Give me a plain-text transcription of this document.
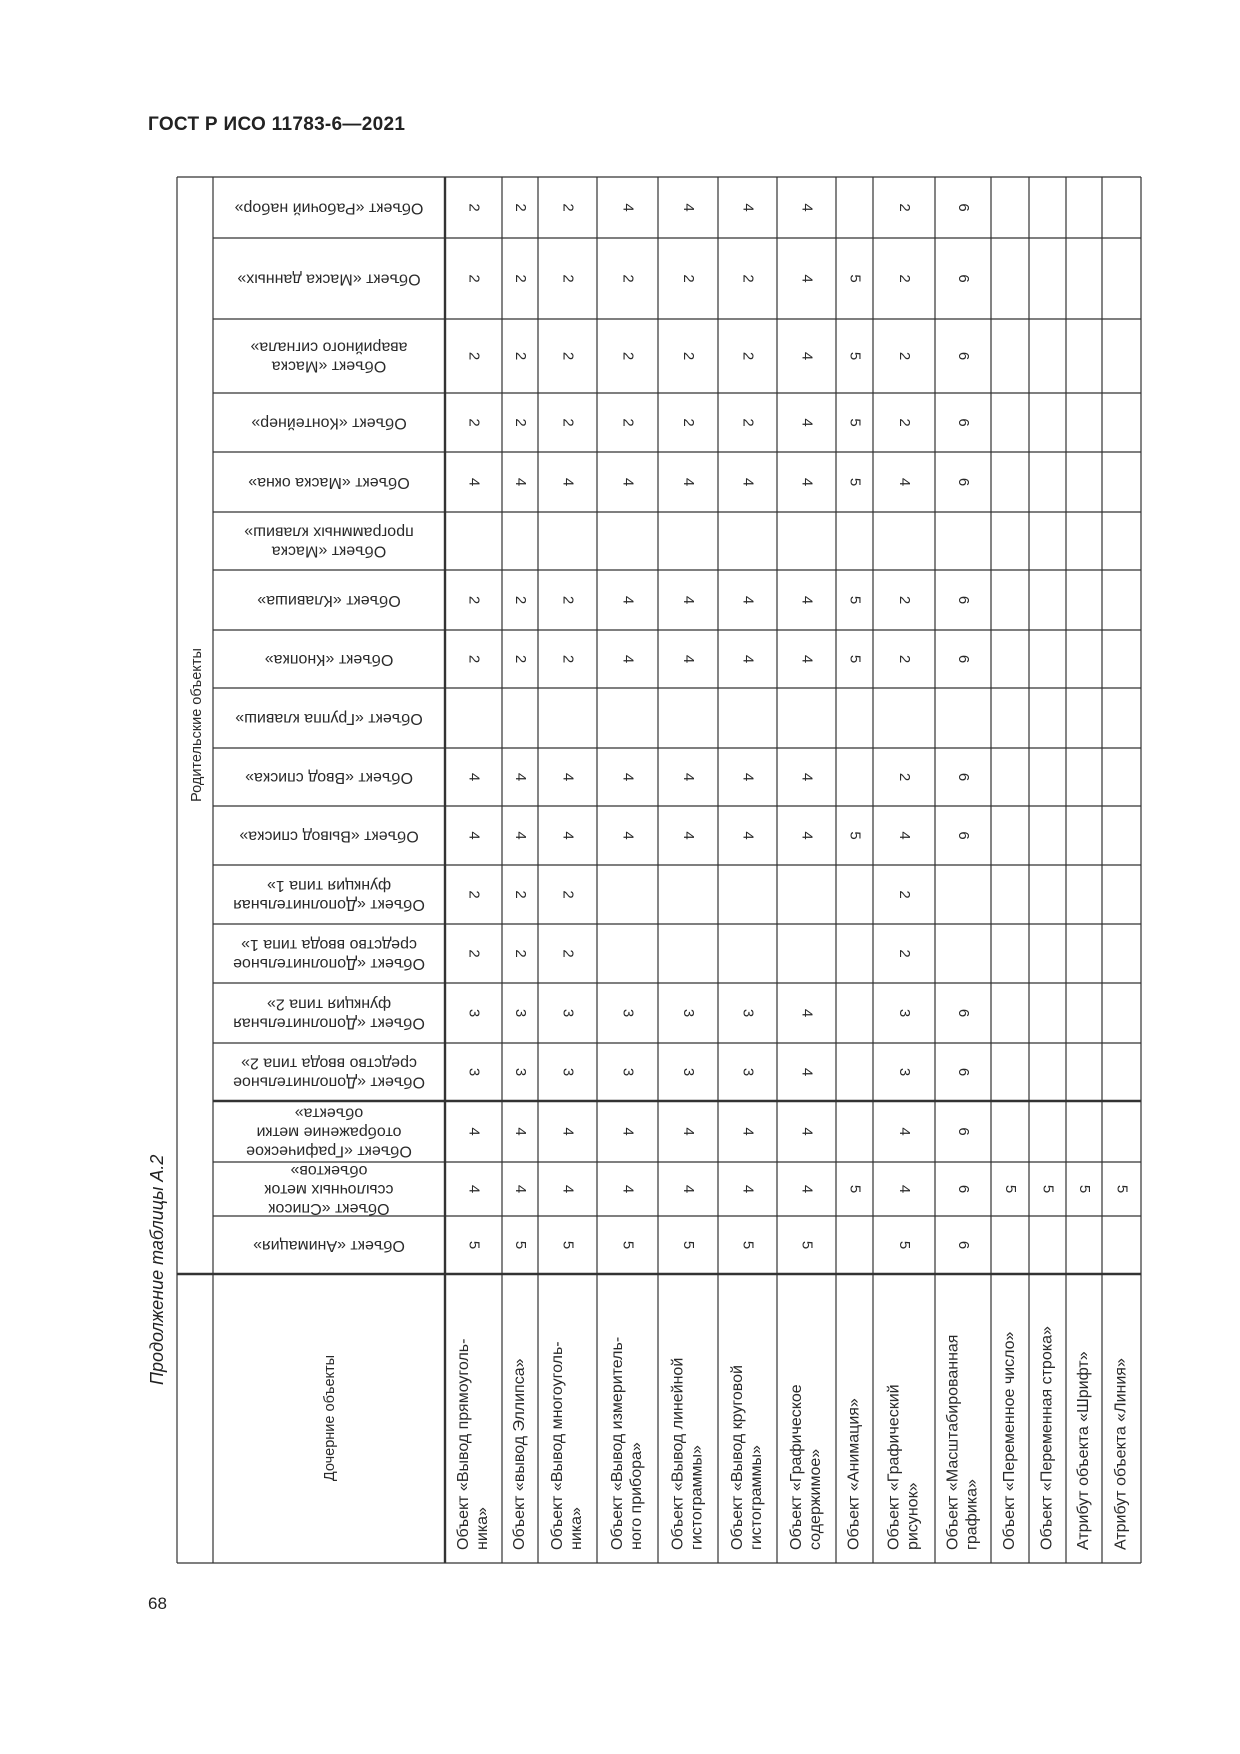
ГОСТ Р ИСО 11783-6—2021
68
Продолжение таблицы А.2
Родительские объекты
Дочерние объекты
Объект «Рабочий набор»
Объект «Маска данных»
Объект «Маска
аварийного сигнала»
Объект «Контейнер»
Объект «Маска окна»
Объект «Маска
программных клавиш»
Объект «Клавиша»
Объект «Кнопка»
Объект «Группа клавиш»
Объект «Ввод списка»
Объект «Вывод списка»
Объект «Дополнительная
функция типа 1»
Объект «Дополнительное
средство ввода типа 1»
Объект «Дополнительная
функция типа 2»
Объект «Дополнительное
средство ввода типа 2»
Объект «Графическое
отображение метки
объекта»
Объект «Список
ссылочных меток
объектов»
Объект «Анимация»
Объект «Вывод прямоуголь- ника»
2
2
2
2
4
2
2
4
4
2
2
3
3
4
4
5
Объект «вывод Эллипса»
2
2
2
2
4
2
2
4
4
2
2
3
3
4
4
5
Объект «Вывод многоуголь- ника»
2
2
2
2
4
2
2
4
4
2
2
3
3
4
4
5
Объект «Вывод измеритель- ного прибора»
4
2
2
2
4
4
4
4
4
3
3
4
4
5
Объект «Вывод линейной гистограммы»
4
2
2
2
4
4
4
4
4
3
3
4
4
5
Объект «Вывод круговой гистограммы»
4
2
2
2
4
4
4
4
4
3
3
4
4
5
Объект «Графическое содержимое»
4
4
4
4
4
4
4
4
4
4
4
4
4
5
Объект «Анимация»
5
5
5
5
5
5
5
5
Объект «Графический рисунок»
2
2
2
2
4
2
2
2
4
2
2
3
3
4
4
5
Объект «Масштабированная графика»
6
6
6
6
6
6
6
6
6
6
6
6
6
6
Объект «Переменное число»
5
Объект «Переменная строка»
5
Атрибут объекта «Шрифт»
5
Атрибут объекта «Линия»
5
